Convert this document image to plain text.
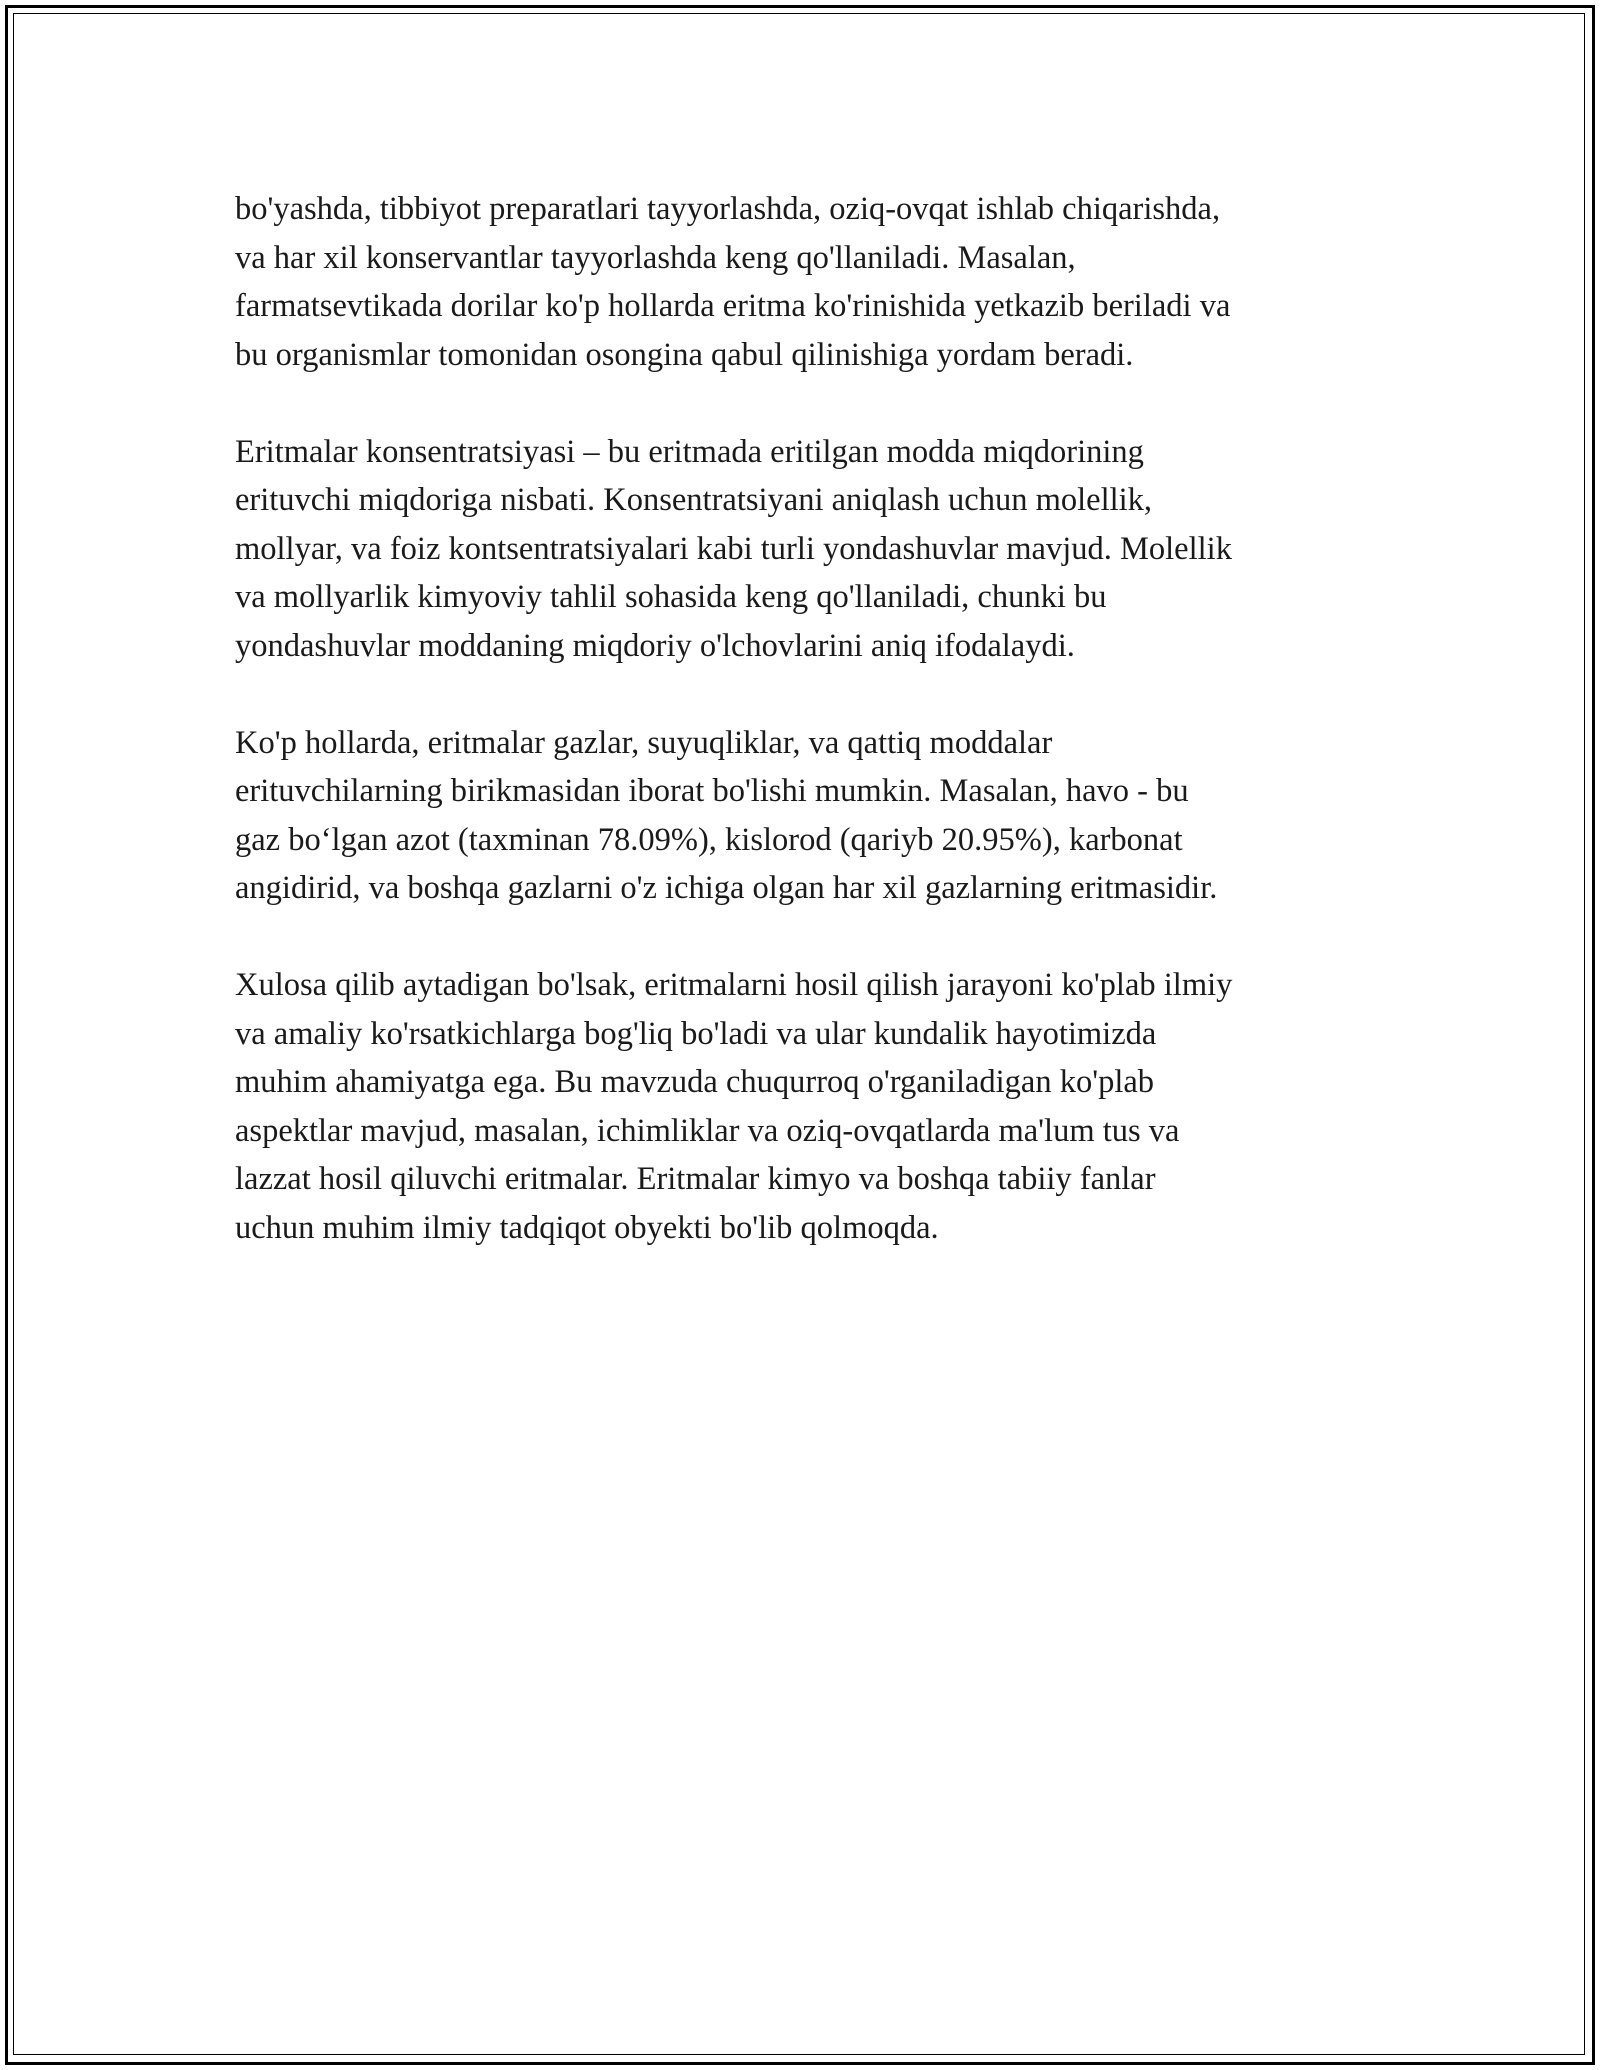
bo'yashda, tibbiyot preparatlari tayyorlashda, oziq-ovqat ishlab chiqarishda,
va har xil konservantlar tayyorlashda keng qo'llaniladi. Masalan,
farmatsevtikada dorilar ko'p hollarda eritma ko'rinishida yetkazib beriladi va
bu organismlar tomonidan osongina qabul qilinishiga yordam beradi.

Eritmalar konsentratsiyasi – bu eritmada eritilgan modda miqdorining
erituvchi miqdoriga nisbati. Konsentratsiyani aniqlash uchun molellik,
mollyar, va foiz kontsentratsiyalari kabi turli yondashuvlar mavjud. Molellik
va mollyarlik kimyoviy tahlil sohasida keng qo'llaniladi, chunki bu
yondashuvlar moddaning miqdoriy o'lchovlarini aniq ifodalaydi.

Ko'p hollarda, eritmalar gazlar, suyuqliklar, va qattiq moddalar
erituvchilarning birikmasidan iborat bo'lishi mumkin. Masalan, havo - bu
gaz bo‘lgan azot (taxminan 78.09%), kislorod (qariyb 20.95%), karbonat
angidirid, va boshqa gazlarni o'z ichiga olgan har xil gazlarning eritmasidir.

Xulosa qilib aytadigan bo'lsak, eritmalarni hosil qilish jarayoni ko'plab ilmiy
va amaliy ko'rsatkichlarga bog'liq bo'ladi va ular kundalik hayotimizda
muhim ahamiyatga ega. Bu mavzuda chuqurroq o'rganiladigan ko'plab
aspektlar mavjud, masalan, ichimliklar va oziq-ovqatlarda ma'lum tus va
lazzat hosil qiluvchi eritmalar. Eritmalar kimyo va boshqa tabiiy fanlar
uchun muhim ilmiy tadqiqot obyekti bo'lib qolmoqda.
